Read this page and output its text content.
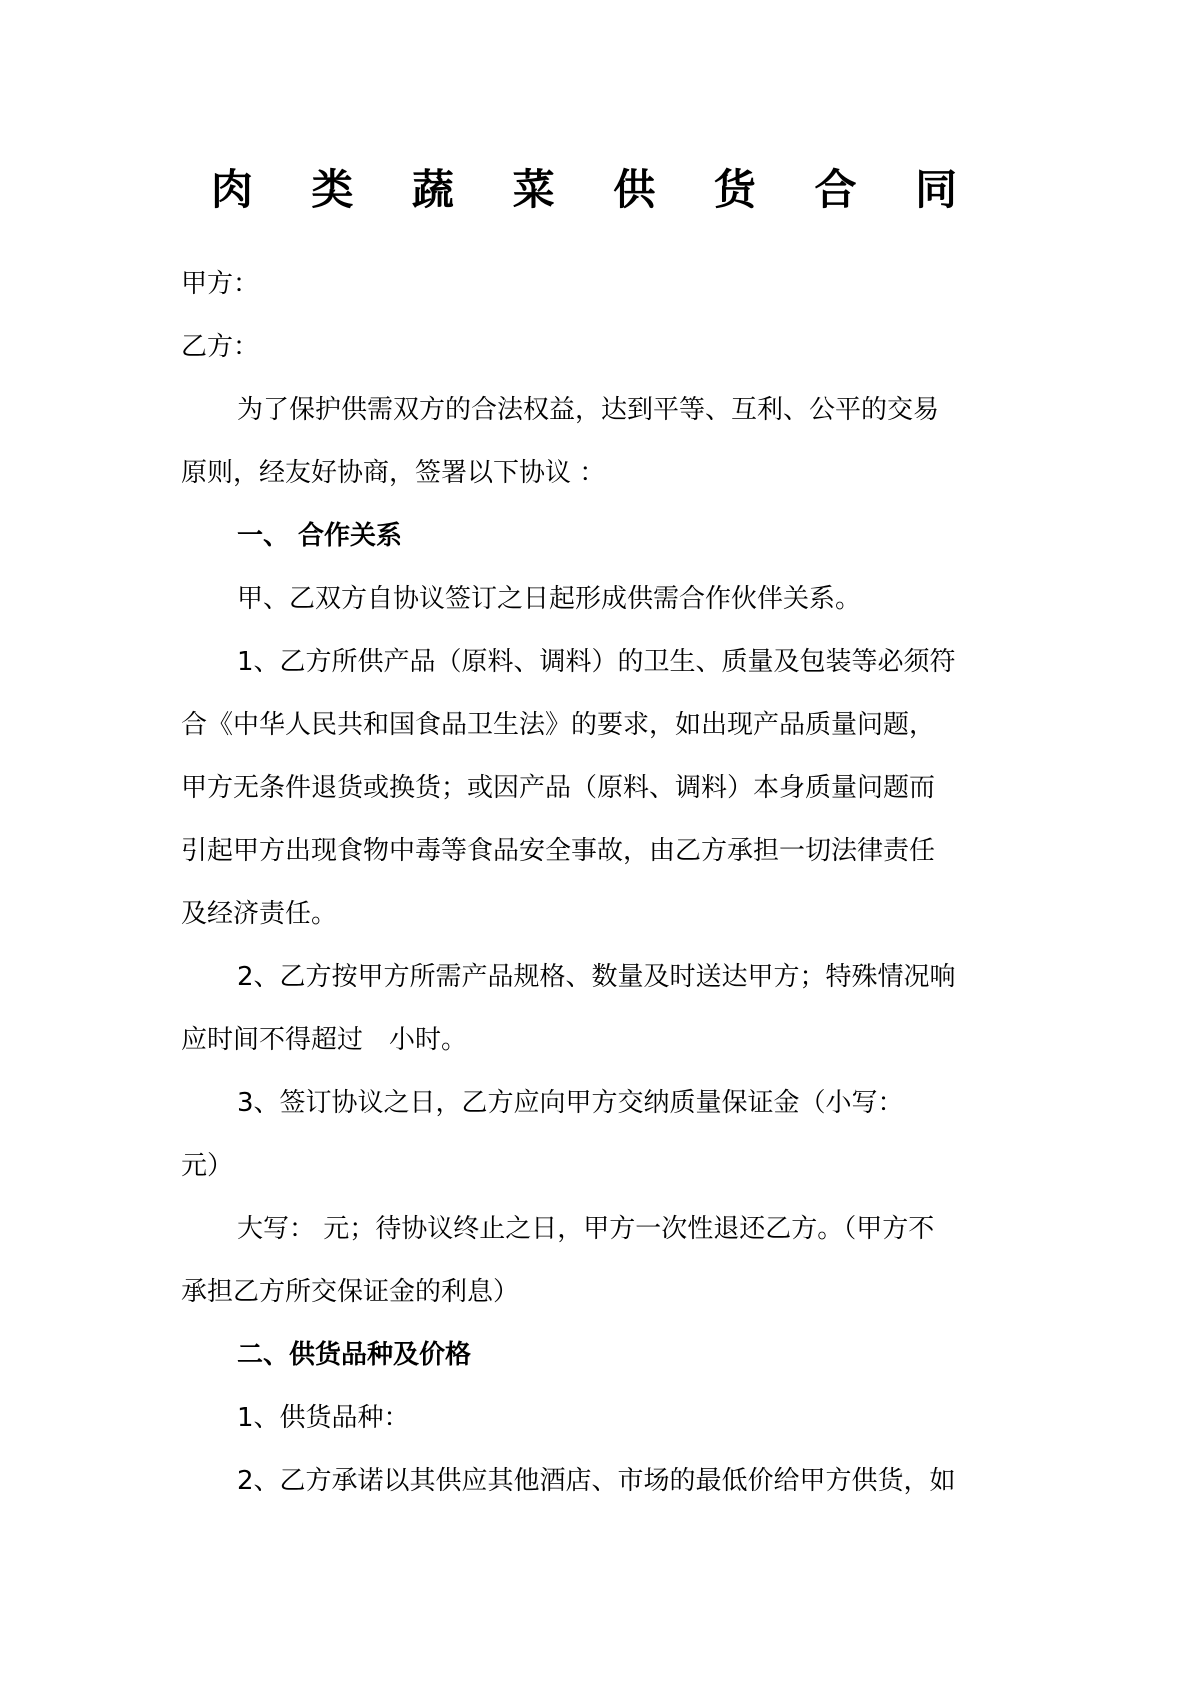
肉 类 蔬 菜 供 货 合 同
甲方：
乙方：
为了保护供需双方的合法权益，达到平等、互利、公平的交易
原则，经友好协商，签署以下协议 ：
一、 合作关系
甲、乙双方自协议签订之日起形成供需合作伙伴关系。
1、乙方所供产品（原料、调料）的卫生、质量及包装等必须符
合《中华人民共和国食品卫生法》的要求，如出现产品质量问题，
甲方无条件退货或换货；或因产品（原料、调料）本身质量问题而
引起甲方出现食物中毒等食品安全事故，由乙方承担一切法律责任
及经济责任。
2、乙方按甲方所需产品规格、数量及时送达甲方；特殊情况响
应时间不得超过　小时。
3、签订协议之日，乙方应向甲方交纳质量保证金（小写：
元）
大写： 元；待协议终止之日，甲方一次性退还乙方。（甲方不
承担乙方所交保证金的利息）
二、供货品种及价格
1、供货品种：
2、乙方承诺以其供应其他酒店、市场的最低价给甲方供货，如
